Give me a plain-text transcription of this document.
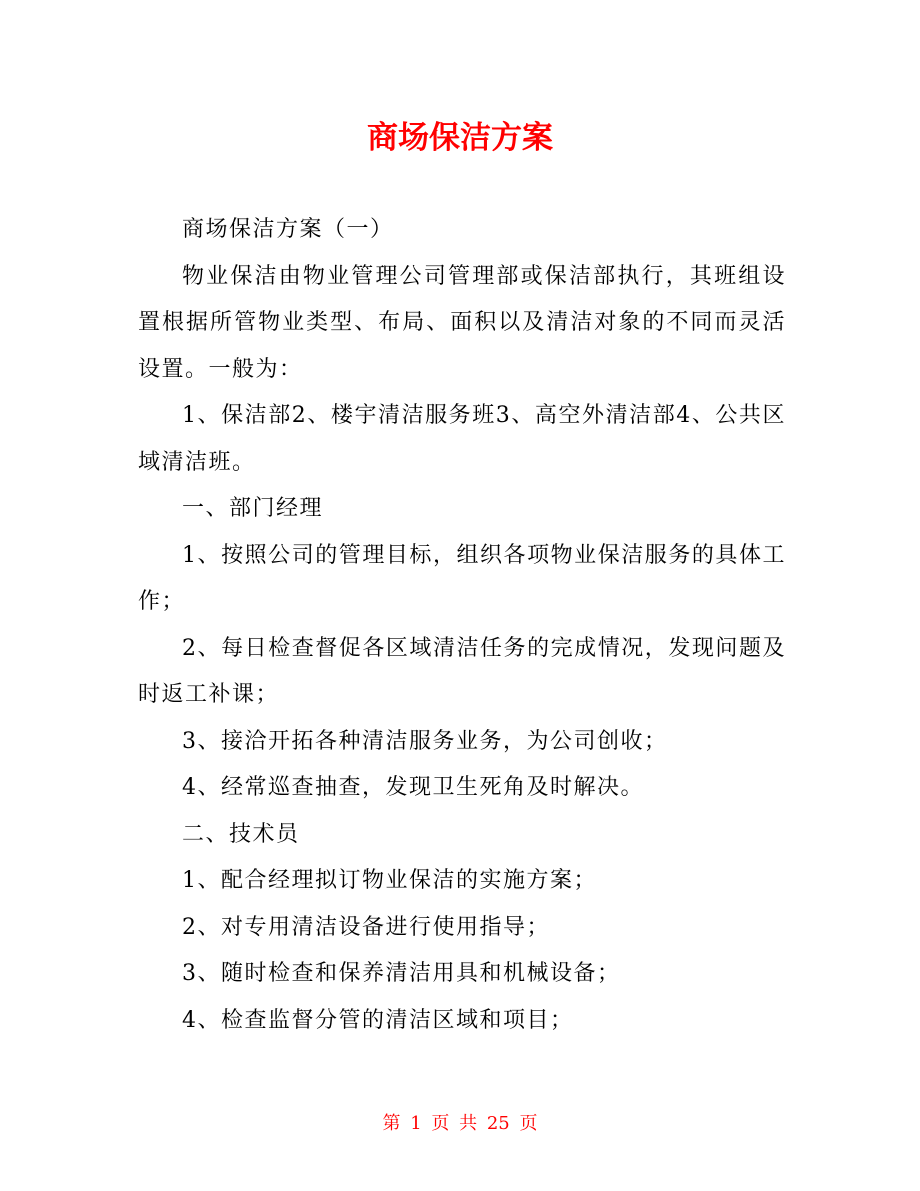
商场保洁方案

商场保洁方案（一）

物业保洁由物业管理公司管理部或保洁部执行，其班组设置根据所管物业类型、布局、面积以及清洁对象的不同而灵活设置。一般为：

1、保洁部2、楼宇清洁服务班3、高空外清洁部4、公共区域清洁班。

一、部门经理

1、按照公司的管理目标，组织各项物业保洁服务的具体工作；

2、每日检查督促各区域清洁任务的完成情况，发现问题及时返工补课；

3、接洽开拓各种清洁服务业务，为公司创收；

4、经常巡查抽查，发现卫生死角及时解决。

二、技术员

1、配合经理拟订物业保洁的实施方案；

2、对专用清洁设备进行使用指导；

3、随时检查和保养清洁用具和机械设备；

4、检查监督分管的清洁区域和项目；

第 1 页 共 25 页
